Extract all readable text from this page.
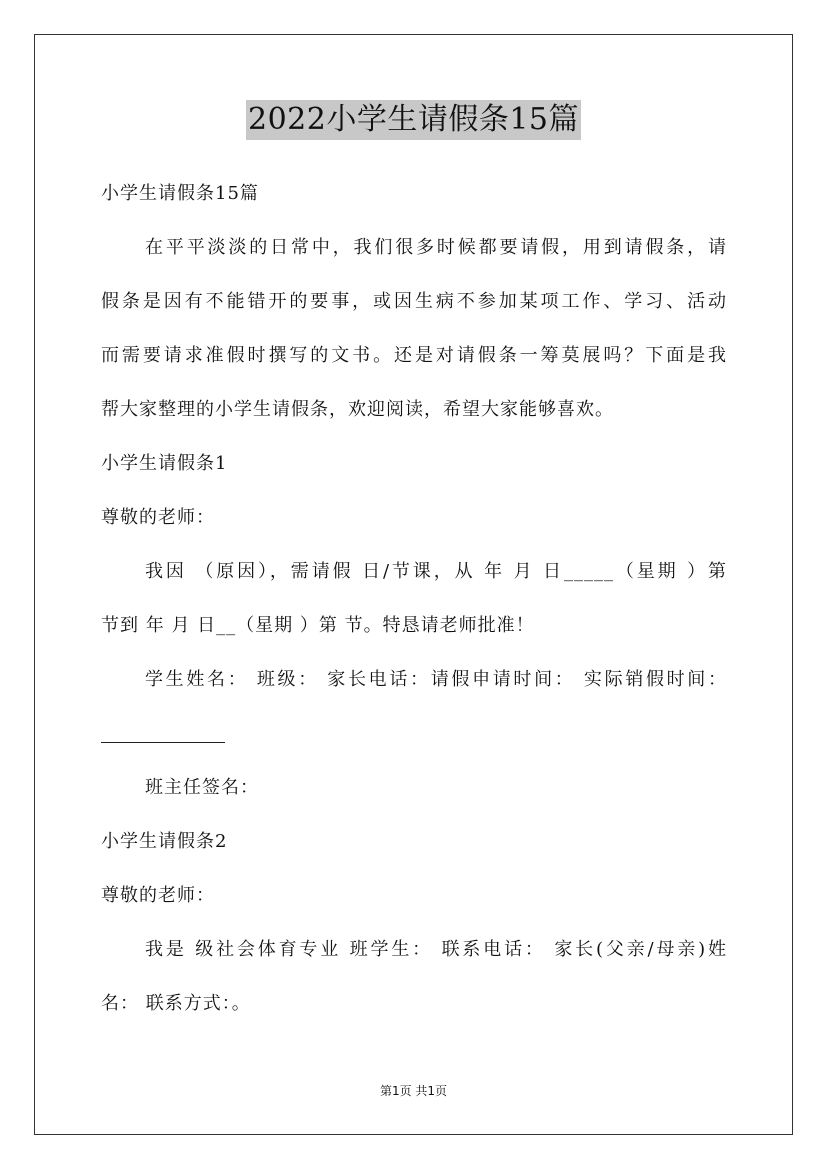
2022小学生请假条15篇
小学生请假条15篇
在平平淡淡的日常中，我们很多时候都要请假，用到请假条，请
假条是因有不能错开的要事，或因生病不参加某项工作、学习、活动
而需要请求准假时撰写的文书。还是对请假条一筹莫展吗？下面是我
帮大家整理的小学生请假条，欢迎阅读，希望大家能够喜欢。
小学生请假条1
尊敬的老师：
我因 （原因），需请假 日/节课，从 年 月 日_____（星期 ）第
节到 年 月 日__（星期 ）第 节。特恳请老师批准！
学生姓名： 班级： 家长电话：请假申请时间： 实际销假时间：
班主任签名：
小学生请假条2
尊敬的老师：
我是 级社会体育专业 班学生： 联系电话： 家长(父亲/母亲)姓
名： 联系方式：。
第1页 共1页
